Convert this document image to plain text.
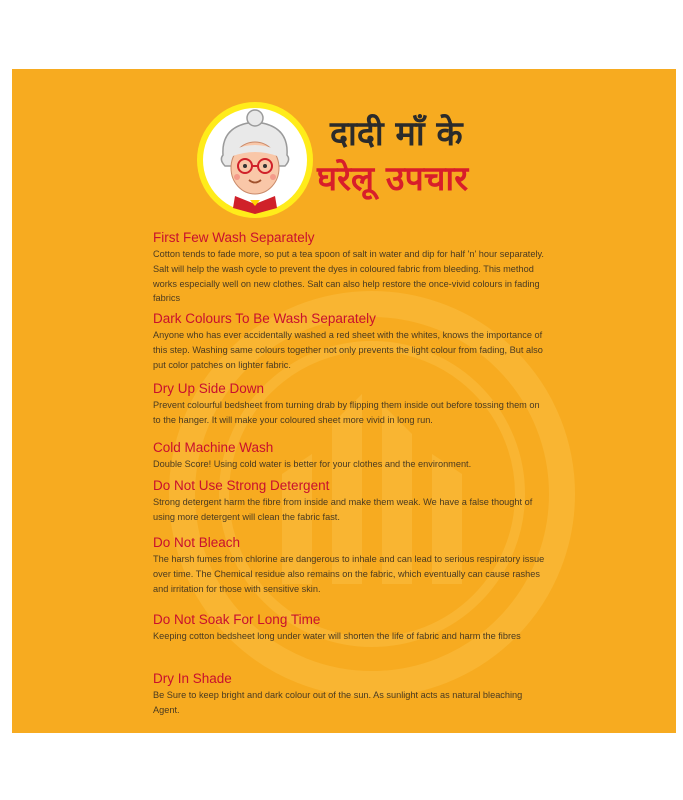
दादी माँ के
घरेलू उपचार
First Few Wash Separately

Cotton tends to fade more, so put a tea spoon of salt in water and dip for half 'n' hour separately. Salt will help the wash cycle to prevent the dyes in coloured fabric from bleeding. This method works especially well on new clothes. Salt can also help restore the once-vivid colours in fading fabrics

Dark Colours To Be Wash Separately

Anyone who has ever accidentally washed a red sheet with the whites, knows the importance of this step. Washing same colours together not only prevents the light colour from fading, But also put color patches on lighter fabric.

Dry Up Side Down

Prevent colourful bedsheet from turning drab by flipping them inside out before tossing them on to the hanger. It will make your coloured sheet more vivid in long run.

Cold Machine Wash

Double Score! Using cold water is better for your clothes and the environment.

Do Not Use Strong Detergent

Strong detergent harm the fibre from inside and make them weak. We have a false thought of using more detergent will clean the fabric fast.

Do Not Bleach

The harsh fumes from chlorine are dangerous to inhale and can lead to serious respiratory issue over time. The Chemical residue also remains on the fabric, which eventually can cause rashes and irritation for those with sensitive skin.

Do Not Soak For Long Time

Keeping cotton bedsheet long under water will shorten the life of fabric and harm the fibres

Dry In Shade

Be Sure to keep bright and dark colour out of the sun. As sunlight acts as natural bleaching Agent.
